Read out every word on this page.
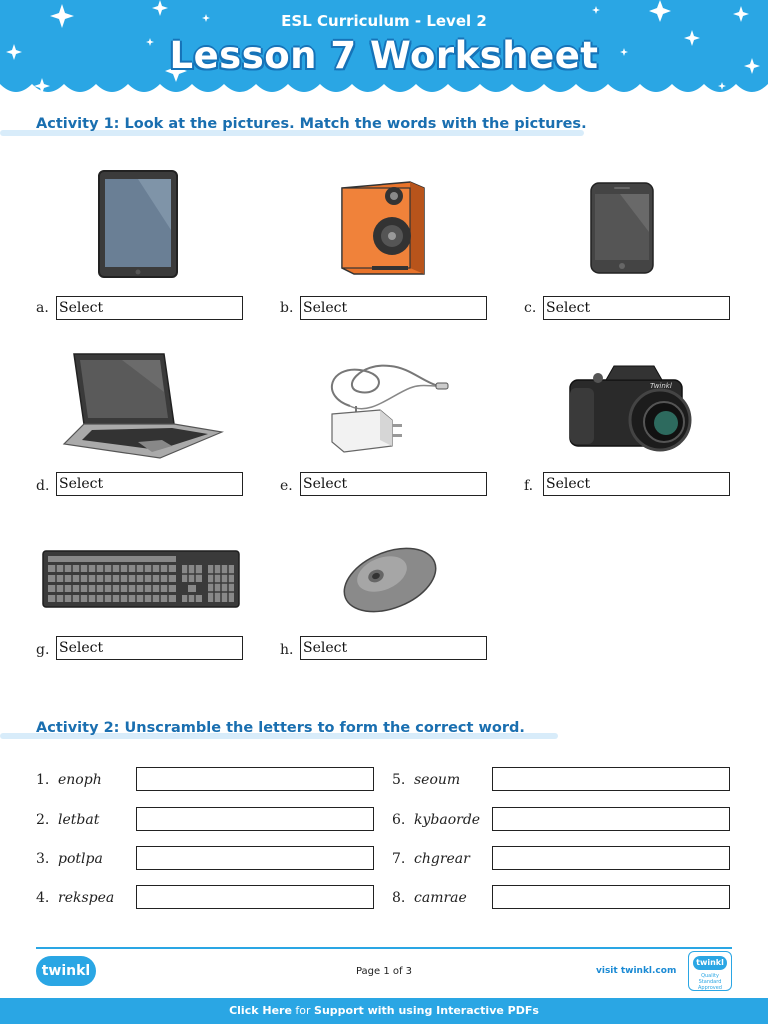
ESL Curriculum - Level 2
Lesson 7 Worksheet
Activity 1: Look at the pictures. Match the words with the pictures.
a. Select	b. Select	c. Select
Twinkl
d. Select	e. Select	f. Select
g. Select	h. Select
Activity 2: Unscramble the letters to form the correct word.
1. enoph
2. letbat
3. potlpa
4. rekspea
5. seoum
6. kybaorde
7. chgrear
8. camrae
twinkl	Page 1 of 3	visit twinkl.com
twinkl
Quality Standard Approved
Click Here for Support with using Interactive PDFs
